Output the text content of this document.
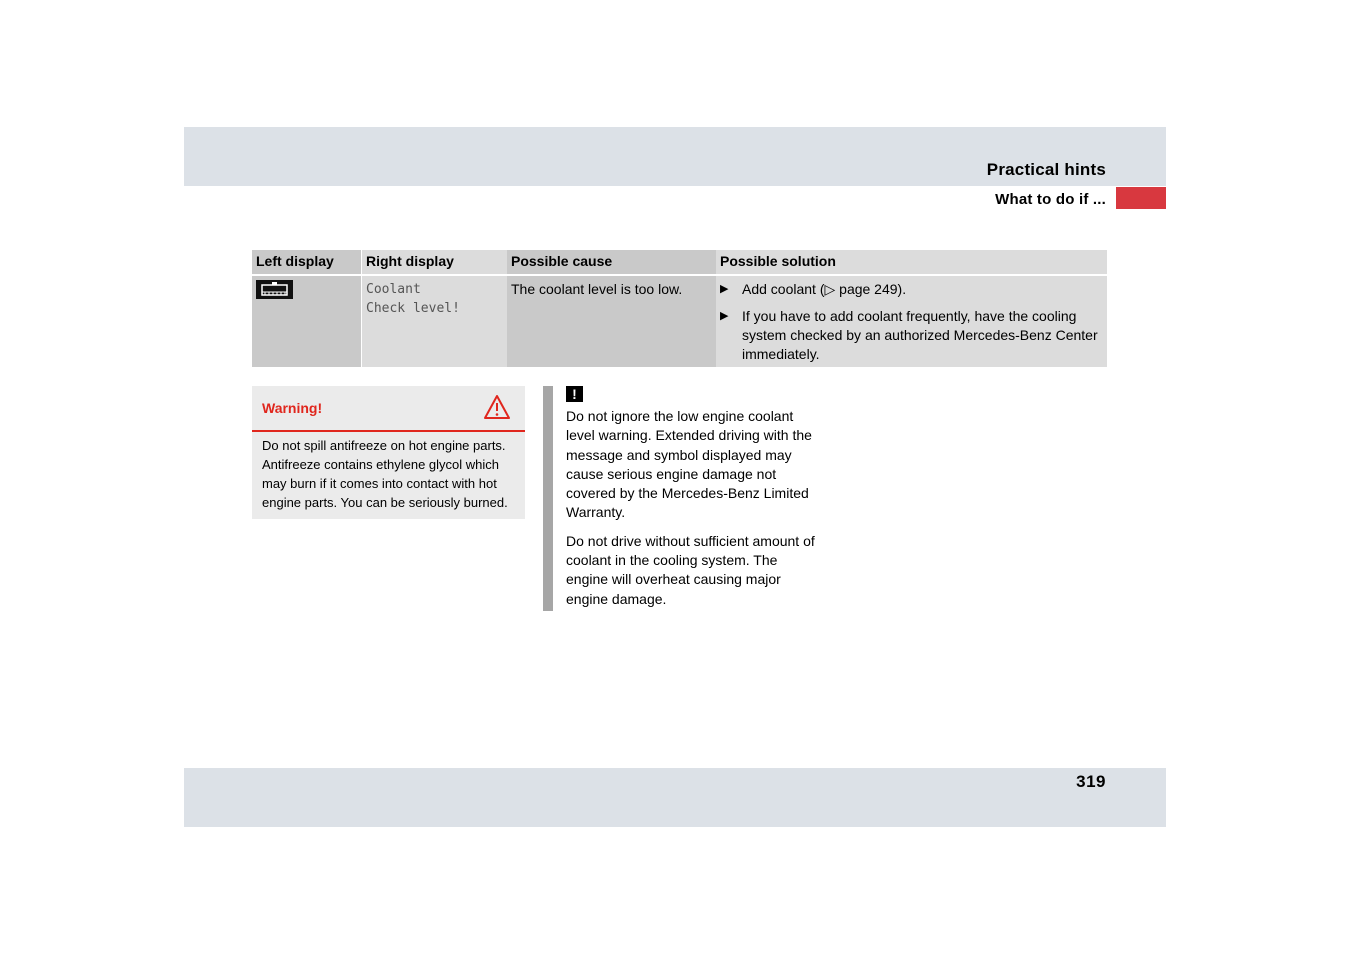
Practical hints
What to do if ...
Left display	Right display
Coolant
Check level!
Possible cause
The coolant level is too low.
Possible solution
▶ Add coolant (▷ page 249).
▶ If you have to add coolant frequently, have the cooling system checked by an authorized Mercedes-Benz Center immediately.
Warning!
Do not spill antifreeze on hot engine parts. Antifreeze contains ethylene glycol which may burn if it comes into contact with hot engine parts. You can be seriously burned.
!

Do not ignore the low engine coolant level warning. Extended driving with the message and symbol displayed may cause serious engine damage not covered by the Mercedes-Benz Limited Warranty.

Do not drive without sufficient amount of coolant in the cooling system. The engine will overheat causing major engine damage.

319
